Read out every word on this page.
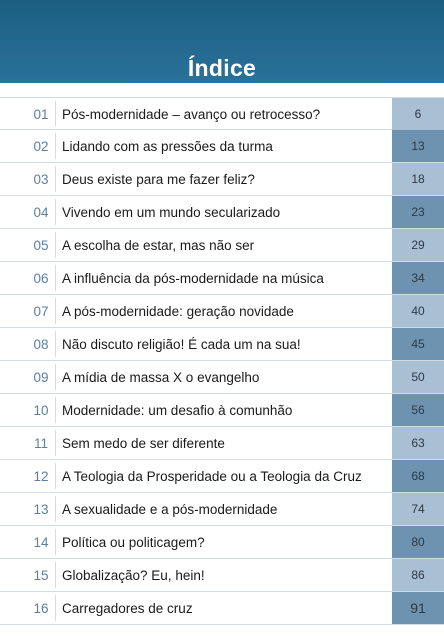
Índice
01 Pós-modernidade – avanço ou retrocesso?	6
02 Lidando com as pressões da turma	13
03 Deus existe para me fazer feliz?	18
04 Vivendo em um mundo secularizado	23
05 A escolha de estar, mas não ser	29
06 A influência da pós-modernidade na música	34
07 A pós-modernidade: geração novidade	40
08 Não discuto religião! É cada um na sua!	45
09 A mídia de massa X o evangelho	50
10 Modernidade: um desafio à comunhão	56
11	Sem medo de ser diferente	63
12 A Teologia da Prosperidade ou a Teologia da Cruz	68
13 A sexualidade e a pós-modernidade	74
14 Política ou politicagem?	80
15 Globalização? Eu, hein!	86
16 Carregadores de cruz	91
